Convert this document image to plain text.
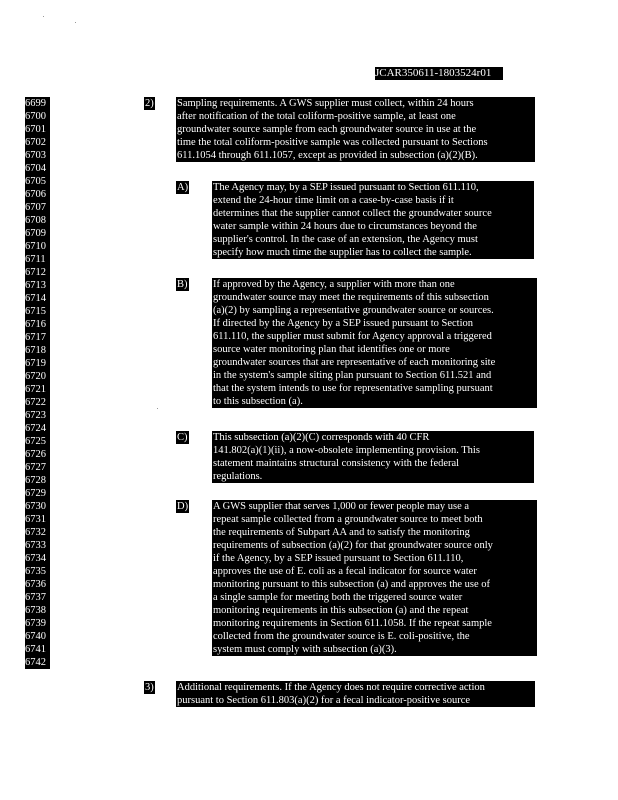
JCAR350611-1803524r01
6699
6700
6701
6702
6703
6704
6705
6706
6707
6708
6709
6710
6711
6712
6713
6714
6715
6716
6717
6718
6719
6720
6721
6722
6723
6724
6725
6726
6727
6728
6729
6730
6731
6732
6733
6734
6735
6736
6737
6738
6739
6740
6741
6742
2) Sampling requirements. A GWS supplier must collect, within 24 hours
after notification of the total coliform-positive sample, at least one
groundwater source sample from each groundwater source in use at the
time the total coliform-positive sample was collected pursuant to Sections
611.1054 through 611.1057, except as provided in subsection (a)(2)(B).
A) The Agency may, by a SEP issued pursuant to Section 611.110,
extend the 24-hour time limit on a case-by-case basis if it
determines that the supplier cannot collect the groundwater source
water sample within 24 hours due to circumstances beyond the
supplier's control. In the case of an extension, the Agency must
specify how much time the supplier has to collect the sample.
B) If approved by the Agency, a supplier with more than one
groundwater source may meet the requirements of this subsection
(a)(2) by sampling a representative groundwater source or sources.
If directed by the Agency by a SEP issued pursuant to Section
611.110, the supplier must submit for Agency approval a triggered
source water monitoring plan that identifies one or more
groundwater sources that are representative of each monitoring site
in the system's sample siting plan pursuant to Section 611.521 and
that the system intends to use for representative sampling pursuant
to this subsection (a).
C) This subsection (a)(2)(C) corresponds with 40 CFR
141.802(a)(1)(ii), a now-obsolete implementing provision. This
statement maintains structural consistency with the federal
regulations.
D) A GWS supplier that serves 1,000 or fewer people may use a
repeat sample collected from a groundwater source to meet both
the requirements of Subpart AA and to satisfy the monitoring
requirements of subsection (a)(2) for that groundwater source only
if the Agency, by a SEP issued pursuant to Section 611.110,
approves the use of E. coli as a fecal indicator for source water
monitoring pursuant to this subsection (a) and approves the use of
a single sample for meeting both the triggered source water
monitoring requirements in this subsection (a) and the repeat
monitoring requirements in Section 611.1058. If the repeat sample
collected from the groundwater source is E. coli-positive, the
system must comply with subsection (a)(3).
3) Additional requirements. If the Agency does not require corrective action
pursuant to Section 611.803(a)(2) for a fecal indicator-positive source
